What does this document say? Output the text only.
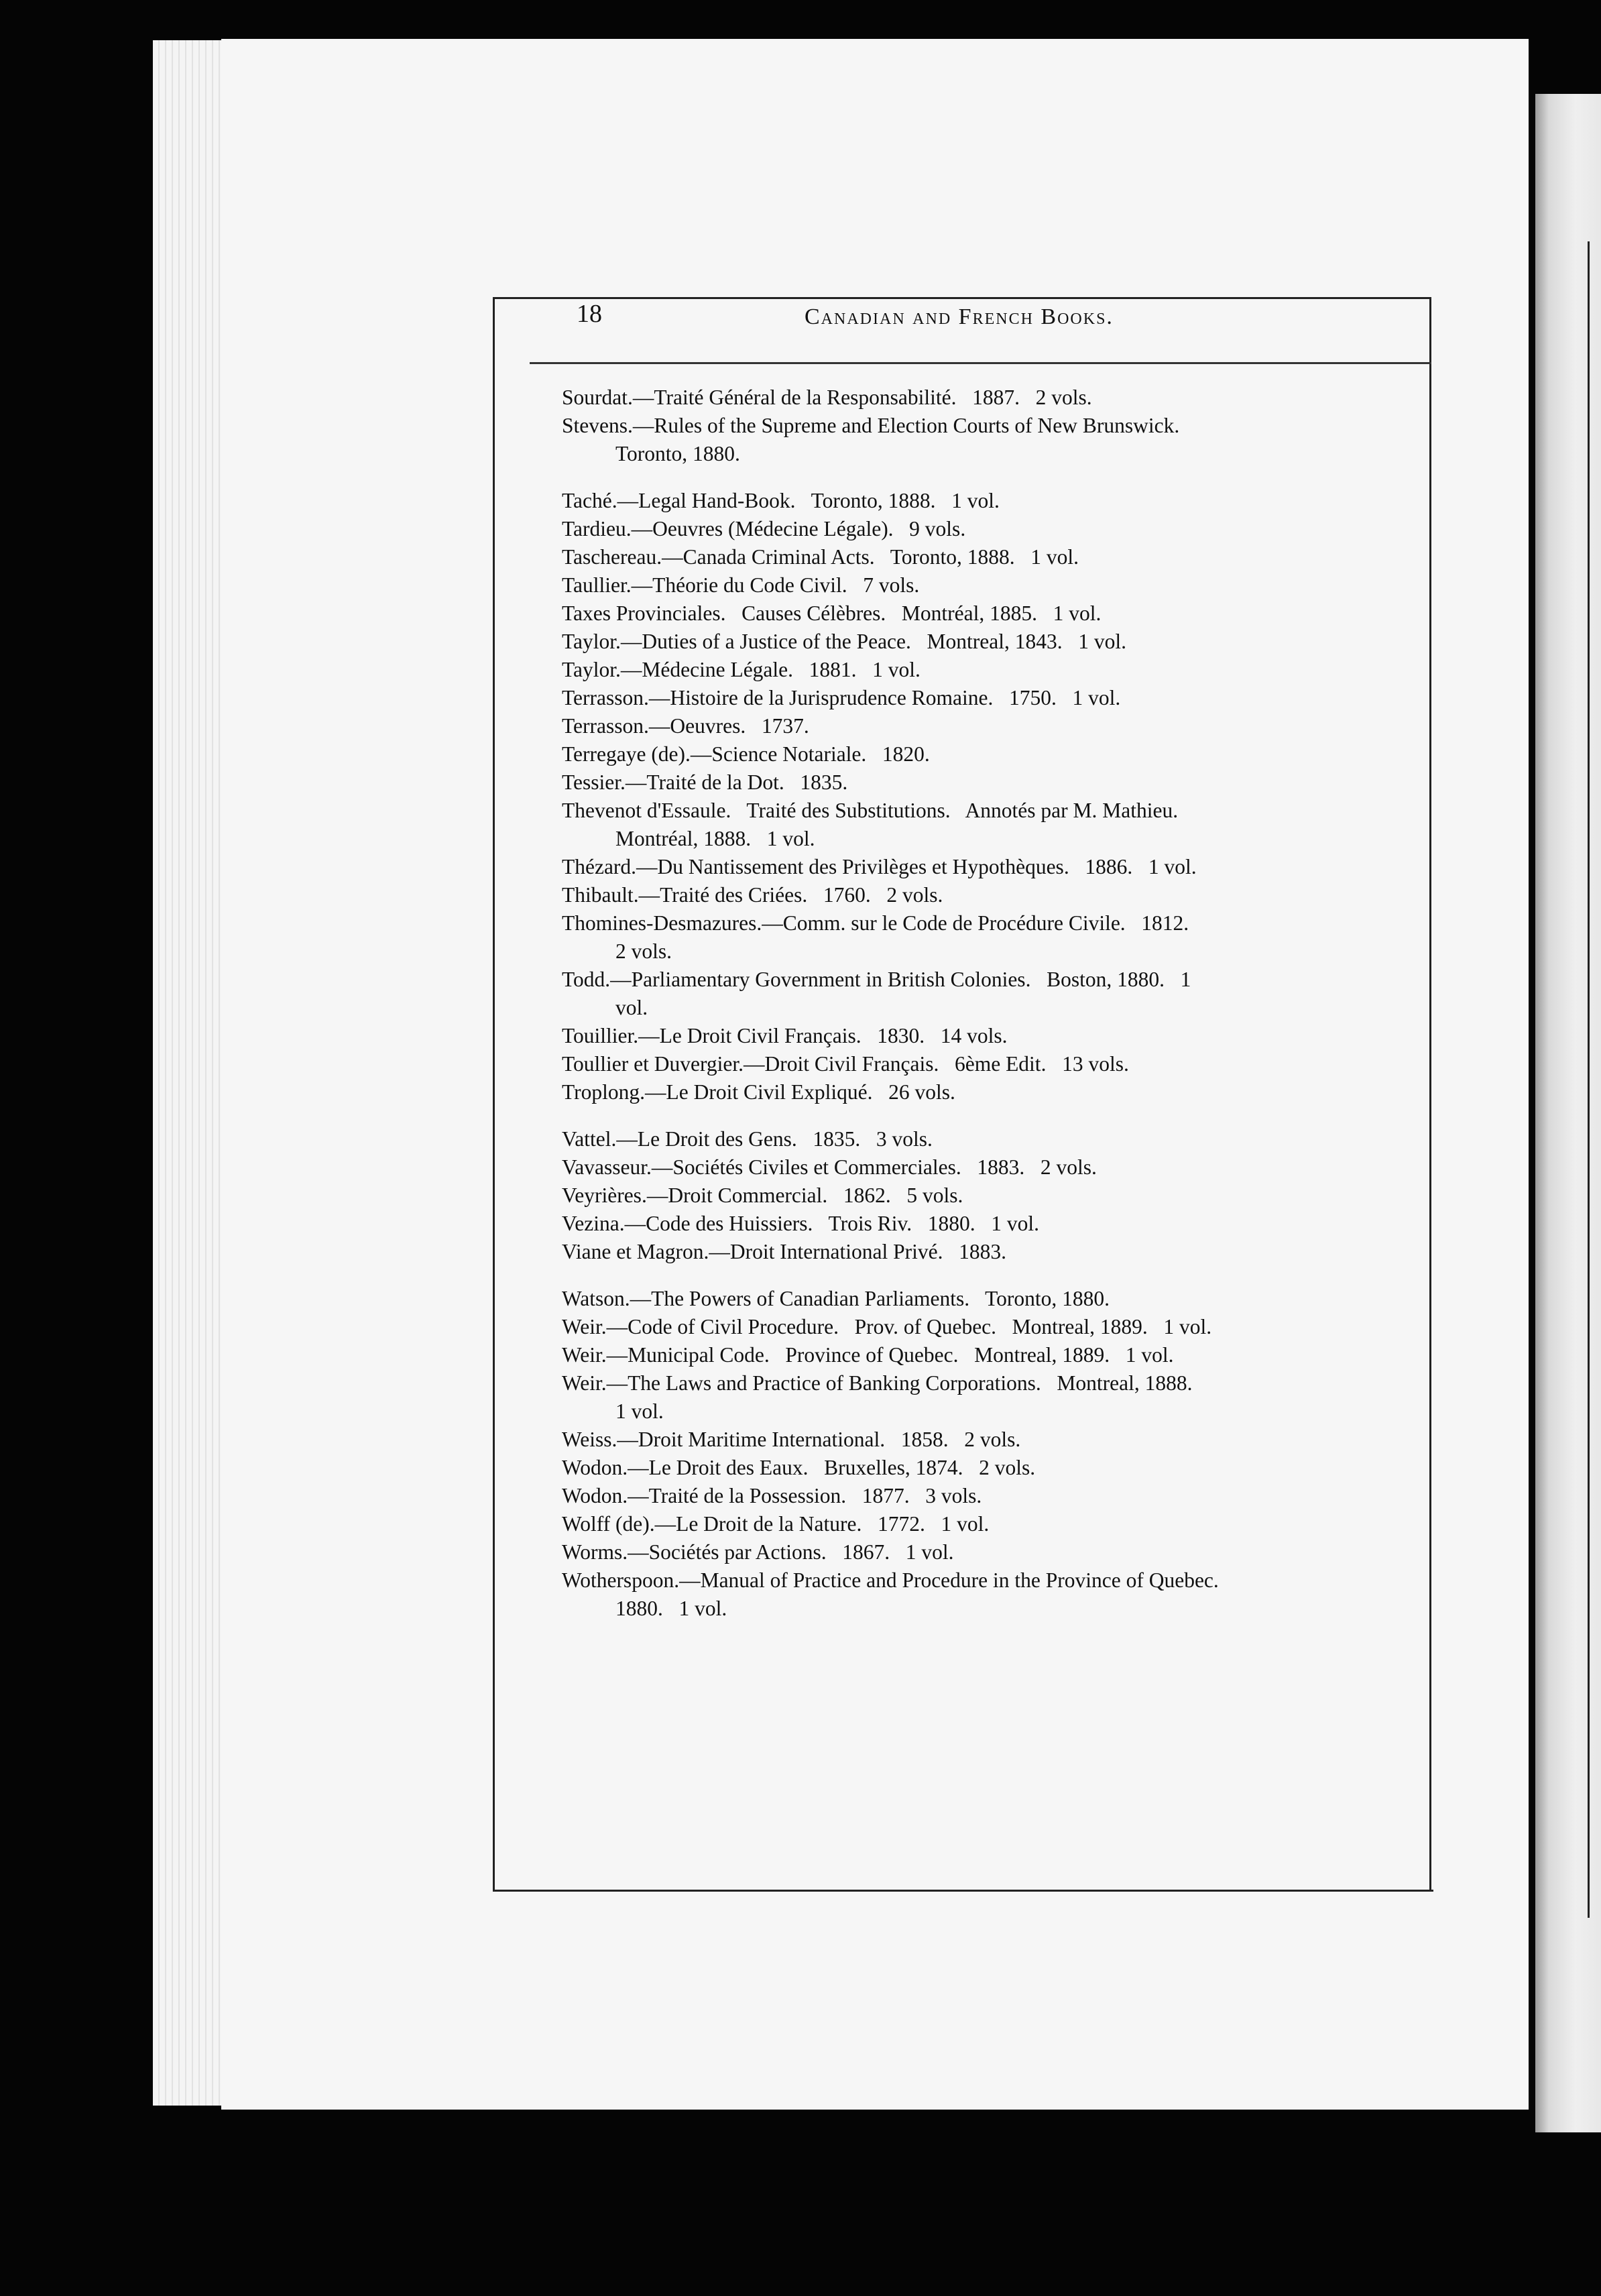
18	Canadian and French Books.
Sourdat.—Traité Général de la Responsabilité.   1887.   2 vols.
Stevens.—Rules of the Supreme and Election Courts of New Brunswick.
Toronto, 1880.
Taché.—Legal Hand-Book.   Toronto, 1888.   1 vol.
Tardieu.—Oeuvres (Médecine Légale).   9 vols.
Taschereau.—Canada Criminal Acts.   Toronto, 1888.   1 vol.
Taullier.—Théorie du Code Civil.   7 vols.
Taxes Provinciales.   Causes Célèbres.   Montréal, 1885.   1 vol.
Taylor.—Duties of a Justice of the Peace.   Montreal, 1843.   1 vol.
Taylor.—Médecine Légale.   1881.   1 vol.
Terrasson.—Histoire de la Jurisprudence Romaine.   1750.   1 vol.
Terrasson.—Oeuvres.   1737.
Terregaye (de).—Science Notariale.   1820.
Tessier.—Traité de la Dot.   1835.
Thevenot d'Essaule.   Traité des Substitutions.   Annotés par M. Mathieu.
Montréal, 1888.   1 vol.
Thézard.—Du Nantissement des Privilèges et Hypothèques.   1886.   1 vol.
Thibault.—Traité des Criées.   1760.   2 vols.
Thomines-Desmazures.—Comm. sur le Code de Procédure Civile.   1812.
2 vols.
Todd.—Parliamentary Government in British Colonies.   Boston, 1880.   1
vol.
Touillier.—Le Droit Civil Français.   1830.   14 vols.
Toullier et Duvergier.—Droit Civil Français.   6ème Edit.   13 vols.
Troplong.—Le Droit Civil Expliqué.   26 vols.
Vattel.—Le Droit des Gens.   1835.   3 vols.
Vavasseur.—Sociétés Civiles et Commerciales.   1883.   2 vols.
Veyrières.—Droit Commercial.   1862.   5 vols.
Vezina.—Code des Huissiers.   Trois Riv.   1880.   1 vol.
Viane et Magron.—Droit International Privé.   1883.
Watson.—The Powers of Canadian Parliaments.   Toronto, 1880.
Weir.—Code of Civil Procedure.   Prov. of Quebec.   Montreal, 1889.   1 vol.
Weir.—Municipal Code.   Province of Quebec.   Montreal, 1889.   1 vol.
Weir.—The Laws and Practice of Banking Corporations.   Montreal, 1888.
1 vol.
Weiss.—Droit Maritime International.   1858.   2 vols.
Wodon.—Le Droit des Eaux.   Bruxelles, 1874.   2 vols.
Wodon.—Traité de la Possession.   1877.   3 vols.
Wolff (de).—Le Droit de la Nature.   1772.   1 vol.
Worms.—Sociétés par Actions.   1867.   1 vol.
Wotherspoon.—Manual of Practice and Procedure in the Province of Quebec.
1880.   1 vol.
